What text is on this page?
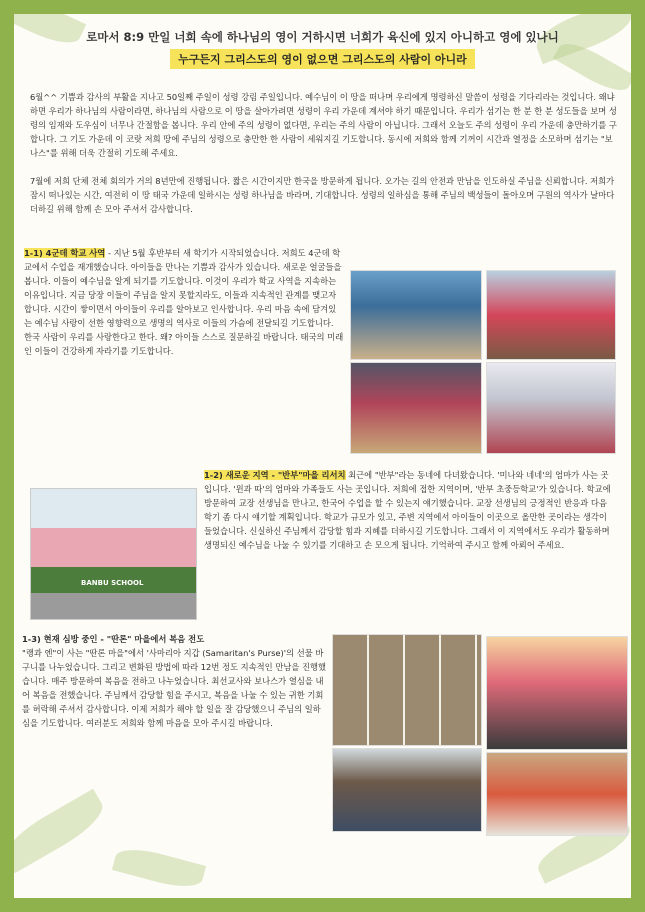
로마서 8:9 만일 너희 속에 하나님의 영이 거하시면 너희가 육신에 있지 아니하고 영에 있나니
누구든지 그리스도의 영이 없으면 그리스도의 사람이 아니라
6월^^ 기쁨과 감사의 부활을 지나고 50일째 주일이 성령 강림 주일입니다. 예수님이 이 땅을 떠나며 우리에게 명령하신 말씀이 성령을 기다리라는 것입니다. 왜냐하면 우리가 하나님의 사람이라면, 하나님의 사람으로 이 땅을 살아가려면 성령이 우리 가운데 계셔야 하기 때문입니다. 우리가 섬기는 한 분 한 분 성도들을 보며 성령의 임재와 도우심이 너무나 간절함을 봅니다. 우리 안에 주의 성령이 없다면, 우리는 주의 사람이 아닙니다. 그래서 오늘도 주의 성령이 우리 가운데 충만하기를 구합니다. 그 기도 가운데 이 코랏 저희 땅에 주님의 성령으로 충만한 한 사람이 세워지길 기도합니다. 동시에 저희와 함께 기꺼이 시간과 열정을 소모하며 섬기는 "보나스"를 위해 더욱 간절히 기도해 주세요.
7월에 저희 단체 전체 회의가 거의 8년만에 진행됩니다. 짧은 시간이지만 한국을 방문하게 됩니다. 오가는 길의 안전과 만남을 인도하실 주님을 신뢰합니다. 저희가 잠시 떠나있는 시간, 여전히 이 땅 태국 가운데 일하시는 성령 하나님을 바라며, 기대합니다. 성령의 일하심을 통해 주님의 백성들이 돌아오며 구원의 역사가 날마다 더하길 위해 함께 손 모아 주셔서 감사합니다.
1-1) 4군데 학교 사역 - 지난 5월 후반부터 새 학기가 시작되었습니다. 저희도 4군데 학교에서 수업을 재개했습니다. 아이들을 만나는 기쁨과 감사가 있습니다. 새로운 얼굴들을 봅니다. 이들이 예수님을 알게 되기를 기도합니다. 이것이 우리가 학교 사역을 지속하는 이유입니다. 지금 당장 이들이 주님을 알지 못할지라도, 이들과 지속적인 관계를 맺고자 합니다. 시간이 쌓이면서 아이들이 우리를 알아보고 인사합니다. 우리 마음 속에 담겨있는 예수님 사랑이 선한 영향력으로 생명의 역사로 이들의 가슴에 전달되길 기도합니다. 한국 사람이 우리를 사랑한다고 한다. 왜? 아이들 스스로 질문하길 바랍니다. 태국의 미래인 이들이 건강하게 자라기를 기도합니다.
1-2) 새로운 지역 - "반부"마을 리서치 최근에 "반부"라는 동네에 다녀왔습니다. '미나와 네네'의 엄마가 사는 곳입니다. '윈과 따'의 엄마와 가족들도 사는 곳입니다. 저희에 접한 지역이며, '반부 초중등학교'가 있습니다. 학교에 방문하여 교장 선생님을 만나고, 한국어 수업을 할 수 있는지 얘기했습니다. 교장 선생님의 긍정적인 반응과 다음 학기 좀 다시 얘기할 계획입니다. 학교가 규모가 있고, 주변 지역에서 아이들이 이곳으로 올만한 곳이라는 생각이 들었습니다. 신실하신 주님께서 감당할 힘과 지혜를 더하시길 기도합니다. 그래서 이 지역에서도 우리가 활동하며 생명되신 예수님을 나눌 수 있기를 기대하고 손 모으게 됩니다. 기억하여 주시고 함께 아뢰어 주세요.
BANBU SCHOOL
1-3) 현재 심방 중인 - "딴론" 마을에서 복음 전도
"랭과 엔"이 사는 "딴론 마을"에서 '사마리아 지갑 (Samaritan's Purse)'의 선물 바구니를 나누었습니다. 그리고 변화된 방법에 따라 12번 정도 지속적인 만남을 진행했습니다. 매주 방문하여 복음을 전하고 나누었습니다. 최선교사와 보나스가 열심을 내어 복음을 전했습니다. 주님께서 감당할 힘을 주시고, 복음을 나눌 수 있는 귀한 기회를 허락해 주셔서 감사합니다. 이제 저희가 해야 할 일을 잘 감당했으니 주님의 일하심을 기도합니다. 여러분도 저희와 함께 마음을 모아 주시길 바랍니다.
